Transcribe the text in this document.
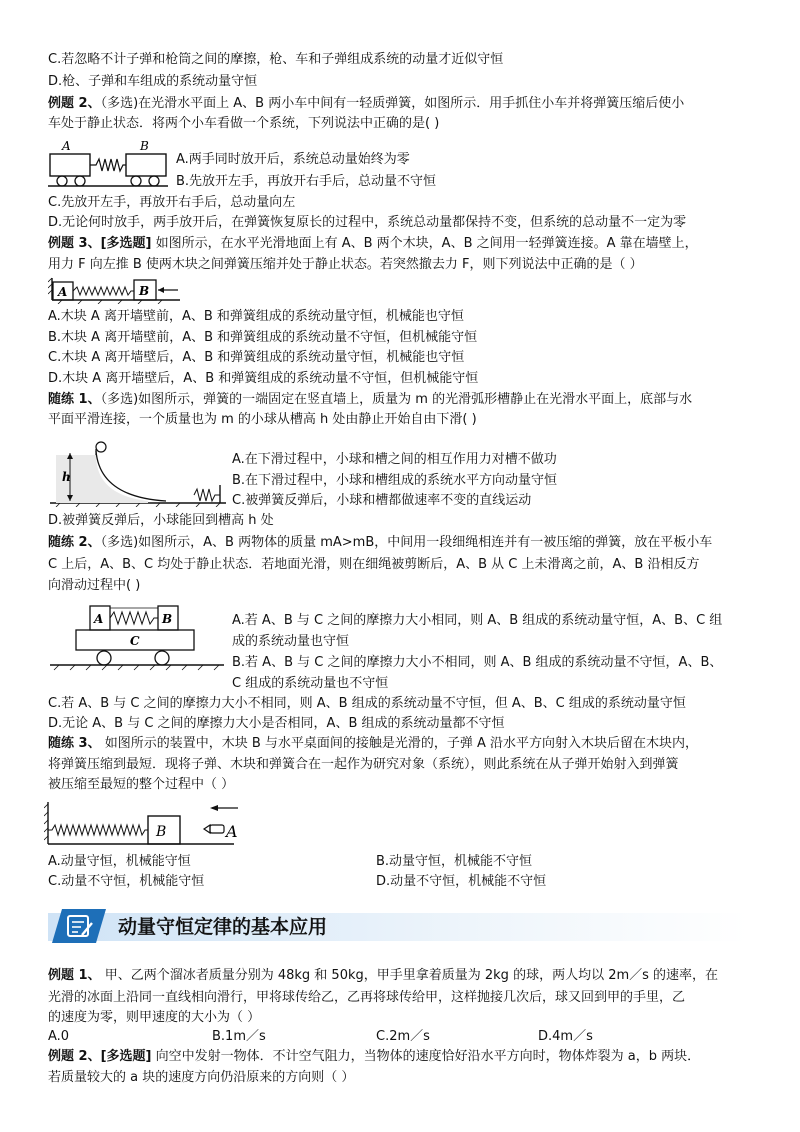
C.若忽略不计子弹和枪筒之间的摩擦，枪、车和子弹组成系统的动量才近似守恒
D.枪、子弹和车组成的系统动量守恒
例题 2、（多选)在光滑水平面上 A、B 两小车中间有一轻质弹簧，如图所示．用手抓住小车并将弹簧压缩后使小
车处于静止状态．将两个小车看做一个系统，下列说法中正确的是( )
A	B
A.两手同时放开后，系统总动量始终为零
B.先放开左手，再放开右手后，总动量不守恒
C.先放开左手，再放开右手后，总动量向左
D.无论何时放手，两手放开后，在弹簧恢复原长的过程中，系统总动量都保持不变，但系统的总动量不一定为零
例题 3、[多选题] 如图所示，在水平光滑地面上有 A、B 两个木块，A、B 之间用一轻弹簧连接。A 靠在墙壁上，
用力 F 向左推 B 使两木块之间弹簧压缩并处于静止状态。若突然撤去力 F，则下列说法中正确的是（ ）
A	B
A.木块 A 离开墙壁前，A、B 和弹簧组成的系统动量守恒，机械能也守恒
B.木块 A 离开墙壁前，A、B 和弹簧组成的系统动量不守恒，但机械能守恒
C.木块 A 离开墙壁后，A、B 和弹簧组成的系统动量守恒，机械能也守恒
D.木块 A 离开墙壁后，A、B 和弹簧组成的系统动量不守恒，但机械能守恒
随练 1、（多选)如图所示，弹簧的一端固定在竖直墙上，质量为 m 的光滑弧形槽静止在光滑水平面上，底部与水
平面平滑连接，一个质量也为 m 的小球从槽高 h 处由静止开始自由下滑( )
h
A.在下滑过程中，小球和槽之间的相互作用力对槽不做功
B.在下滑过程中，小球和槽组成的系统水平方向动量守恒
C.被弹簧反弹后，小球和槽都做速率不变的直线运动
D.被弹簧反弹后，小球能回到槽高 h 处
随练 2、（多选)如图所示，A、B 两物体的质量 mA>mB，中间用一段细绳相连并有一被压缩的弹簧，放在平板小车
C 上后，A、B、C 均处于静止状态．若地面光滑，则在细绳被剪断后，A、B 从 C 上未滑离之前，A、B 沿相反方
向滑动过程中( )
A	B
C
A.若 A、B 与 C 之间的摩擦力大小相同，则 A、B 组成的系统动量守恒，A、B、C 组
成的系统动量也守恒
B.若 A、B 与 C 之间的摩擦力大小不相同，则 A、B 组成的系统动量不守恒，A、B、
C 组成的系统动量也不守恒
C.若 A、B 与 C 之间的摩擦力大小不相同，则 A、B 组成的系统动量不守恒，但 A、B、C 组成的系统动量守恒
D.无论 A、B 与 C 之间的摩擦力大小是否相同，A、B 组成的系统动量都不守恒
随练 3、 如图所示的装置中，木块 B 与水平桌面间的接触是光滑的，子弹 A 沿水平方向射入木块后留在木块内，
将弹簧压缩到最短．现将子弹、木块和弹簧合在一起作为研究对象（系统），则此系统在从子弹开始射入到弹簧
被压缩至最短的整个过程中（ ）
B	A
A.动量守恒，机械能守恒	B.动量守恒，机械能不守恒
C.动量不守恒，机械能守恒	D.动量不守恒，机械能不守恒
动量守恒定律的基本应用
例题 1、 甲、乙两个溜冰者质量分别为 48kg 和 50kg，甲手里拿着质量为 2kg 的球，两人均以 2m／s 的速率，在
光滑的冰面上沿同一直线相向滑行，甲将球传给乙，乙再将球传给甲，这样抛接几次后，球又回到甲的手里，乙
的速度为零，则甲速度的大小为（ ）
A.0	B.1m／s	C.2m／s	D.4m／s
例题 2、[多选题] 向空中发射一物体．不计空气阻力，当物体的速度恰好沿水平方向时，物体炸裂为 a，b 两块．
若质量较大的 a 块的速度方向仍沿原来的方向则（ ）
